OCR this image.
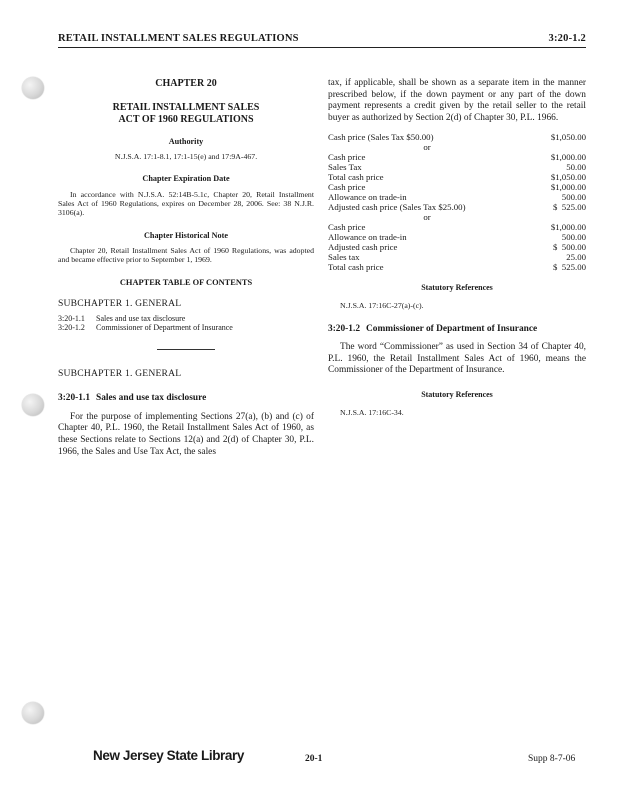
RETAIL INSTALLMENT SALES REGULATIONS	3:20-1.2
CHAPTER 20
RETAIL INSTALLMENT SALES
ACT OF 1960 REGULATIONS
Authority
N.J.S.A. 17:1-8.1, 17:1-15(e) and 17:9A-467.
Chapter Expiration Date
In accordance with N.J.S.A. 52:14B-5.1c, Chapter 20, Retail Installment Sales Act of 1960 Regulations, expires on December 28, 2006. See: 38 N.J.R. 3106(a).
Chapter Historical Note
Chapter 20, Retail Installment Sales Act of 1960 Regulations, was adopted and became effective prior to September 1, 1969.
CHAPTER TABLE OF CONTENTS
SUBCHAPTER 1. GENERAL
3:20-1.1	Sales and use tax disclosure
3:20-1.2	Commissioner of Department of Insurance
SUBCHAPTER 1. GENERAL
3:20-1.1 Sales and use tax disclosure

For the purpose of implementing Sections 27(a), (b) and (c) of Chapter 40, P.L. 1960, the Retail Installment Sales Act of 1960, as these Sections relate to Sections 12(a) and 2(d) of Chapter 30, P.L. 1966, the Sales and Use Tax Act, the sales

tax, if applicable, shall be shown as a separate item in the manner prescribed below, if the down payment or any part of the down payment represents a credit given by the retail seller to the retail buyer as authorized by Section 2(d) of Chapter 30, P.L. 1966.

Cash price (Sales Tax $50.00)	$1,050.00
or	
Cash price	$1,000.00
Sales Tax	50.00
Total cash price	$1,050.00
Cash price	$1,000.00
Allowance on trade-in	500.00
Adjusted cash price (Sales Tax $25.00)	$  525.00
or	
Cash price	$1,000.00
Allowance on trade-in	500.00
Adjusted cash price	$  500.00
Sales tax	25.00
Total cash price	$  525.00
Statutory References
N.J.S.A. 17:16C-27(a)-(c).
3:20-1.2 Commissioner of Department of Insurance

The word “Commissioner” as used in Section 34 of Chapter 40, P.L. 1960, the Retail Installment Sales Act of 1960, means the Commissioner of the Department of Insurance.

Statutory References
N.J.S.A. 17:16C-34.
New Jersey State Library	20-1	Supp 8-7-06
